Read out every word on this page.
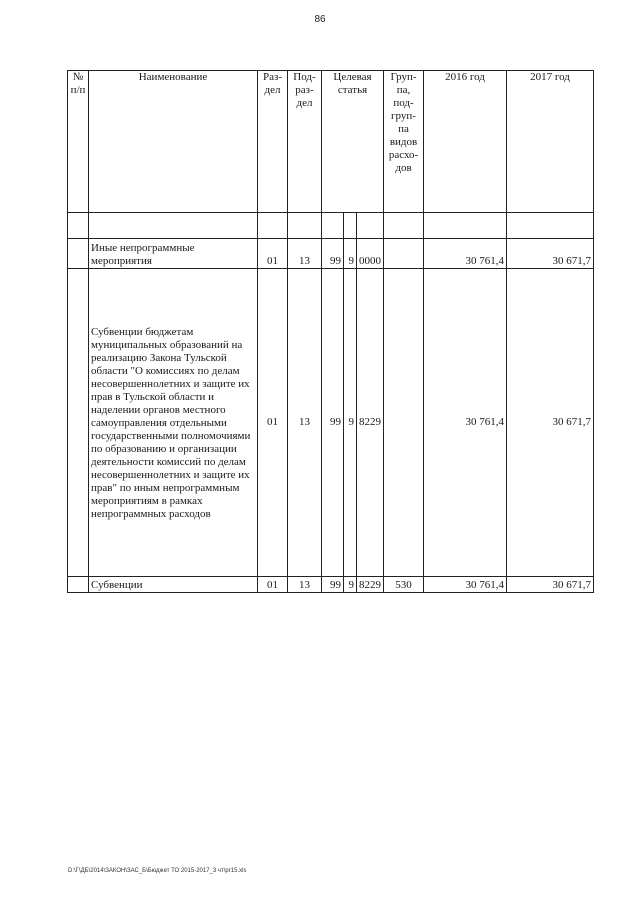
86
№ п/п	Наименование	Раз-дел	Под-раз-дел	Целевая статья			Груп-па, под-груп-па видов расхо-дов	2016 год	2017 год

	Иные непрограммные мероприятия	01	13	99	9	0000		30 761,4	30 671,7
	Субвенции бюджетам муниципальных образований на реализацию Закона Тульской области "О комиссиях по делам несовершеннолетних и защите их прав в Тульской области и наделении органов местного самоуправления отдельными государственными полномочиями по образованию и организации деятельности комиссий по делам несовершеннолетних и защите их прав" по иным непрограммным мероприятиям в рамках непрограммных расходов	01	13	99	9	8229		30 761,4	30 671,7
	Субвенции	01	13	99	9	8229	530	30 761,4	30 671,7
D:\Г\ДБ\2014\ЗАКОН\ЗАС_Б\Бюджет ТО 2015-2017_3 чт\pr15.xls
